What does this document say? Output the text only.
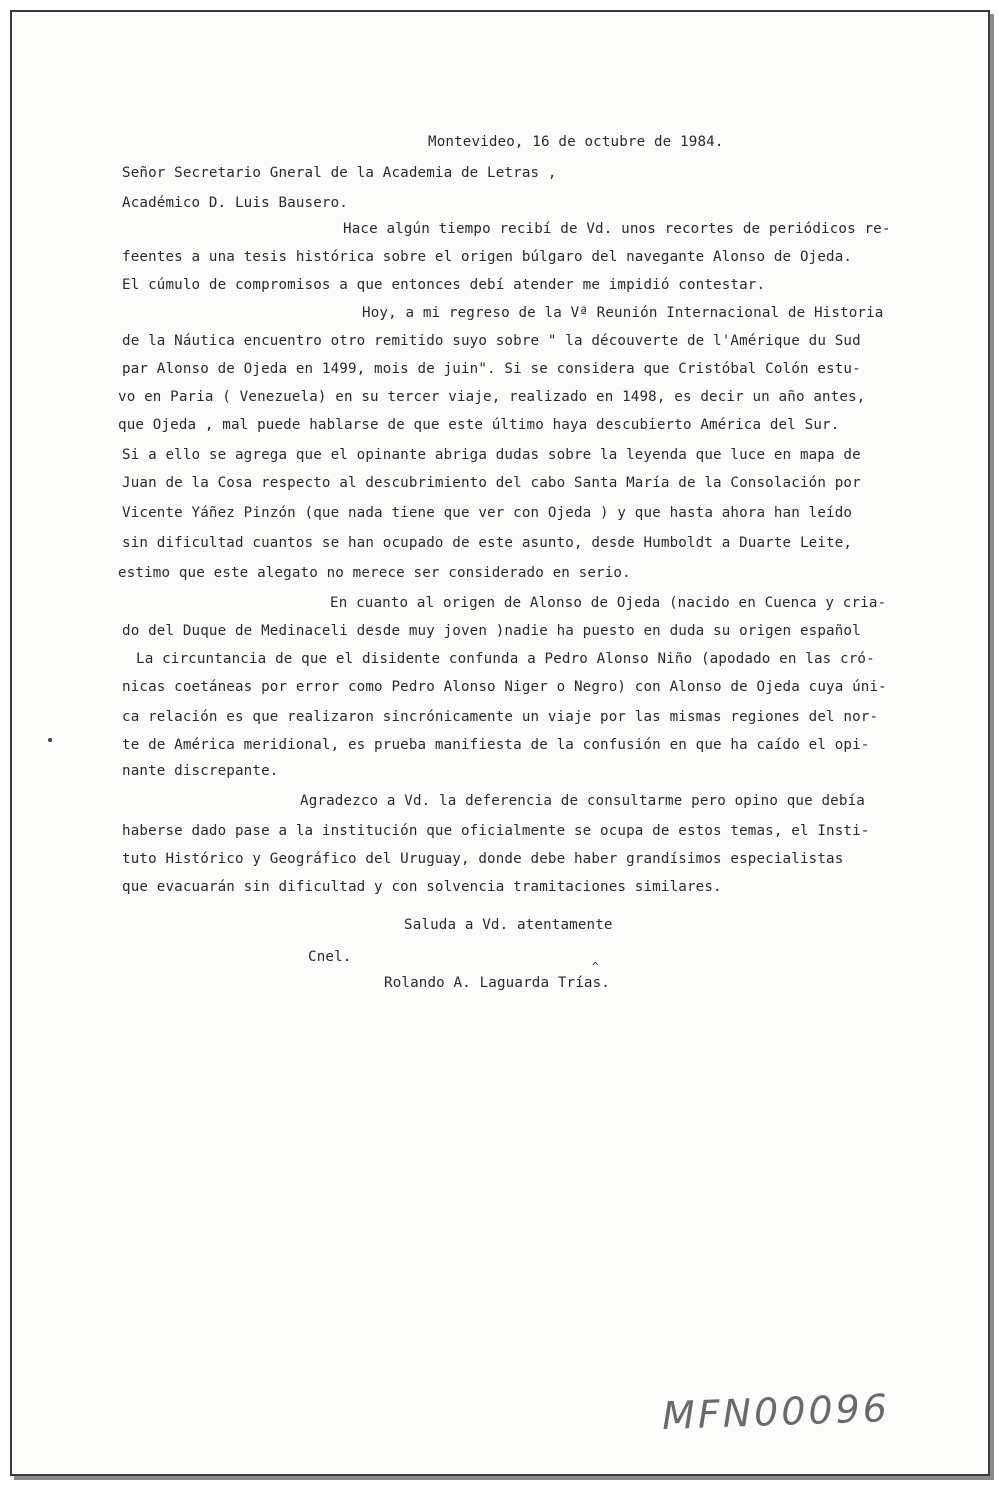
Montevideo, 16 de octubre de 1984.
Señor Secretario Gneral de la Academia de Letras ,
Académico D. Luis Bausero.
Hace algún tiempo recibí de Vd. unos recortes de periódicos re-
feentes a una tesis histórica sobre el origen búlgaro del navegante Alonso de Ojeda.
El cúmulo de compromisos a que entonces debí atender me impidió contestar.
Hoy, a mi regreso de la Vª Reunión Internacional de Historia
de la Náutica encuentro otro remitido suyo sobre " la découverte de l'Amérique du Sud
par Alonso de Ojeda en 1499, mois de juin". Si se considera que Cristóbal Colón estu-
vo en Paria ( Venezuela) en su tercer viaje, realizado en 1498, es decir un año antes,
que Ojeda , mal puede hablarse de que este último haya descubierto América del Sur.
Si a ello se agrega que el opinante abriga dudas sobre la leyenda que luce en mapa de
Juan de la Cosa respecto al descubrimiento del cabo Santa María de la Consolación por
Vicente Yáñez Pinzón (que nada tiene que ver con Ojeda ) y que hasta ahora han leído
sin dificultad cuantos se han ocupado de este asunto, desde Humboldt a Duarte Leite,
estimo que este alegato no merece ser considerado en serio.
En cuanto al origen de Alonso de Ojeda (nacido en Cuenca y cria-
do del Duque de Medinaceli desde muy joven )nadie ha puesto en duda su origen español
La circuntancia de que el disidente confunda a Pedro Alonso Niño (apodado en las cró-
nicas coetáneas por error como Pedro Alonso Niger o Negro) con Alonso de Ojeda cuya úni-
ca relación es que realizaron sincrónicamente un viaje por las mismas regiones del nor-
te de América meridional, es prueba manifiesta de la confusión en que ha caído el opi-
nante discrepante.
Agradezco a Vd. la deferencia de consultarme pero opino que debía
haberse dado pase a la institución que oficialmente se ocupa de estos temas, el Insti-
tuto Histórico y Geográfico del Uruguay, donde debe haber grandísimos especialistas
que evacuarán sin dificultad y con solvencia tramitaciones similares.
Saluda a Vd. atentamente
Cnel.
Rolando A. Laguarda Trías.
^
MFN00096
